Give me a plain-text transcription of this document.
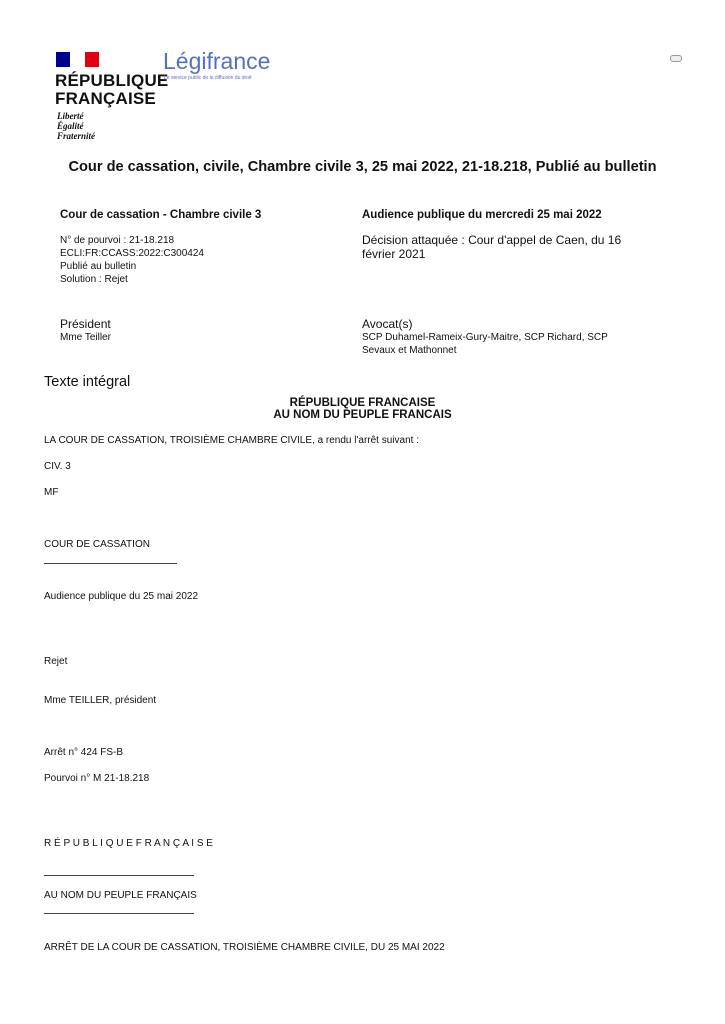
RÉPUBLIQUE
FRANÇAISE
Liberté
Égalité
Fraternité
Légifrance
Le service public de la diffusion du droit
Cour de cassation, civile, Chambre civile 3, 25 mai 2022, 21-18.218, Publié au bulletin
Cour de cassation - Chambre civile 3
N° de pourvoi : 21-18.218
ECLI:FR:CCASS:2022:C300424
Publié au bulletin
Solution : Rejet
Président
Mme Teiller
Audience publique du mercredi 25 mai 2022
Décision attaquée : Cour d'appel de Caen, du 16
février 2021
Avocat(s)
SCP Duhamel-Rameix-Gury-Maitre, SCP Richard, SCP
Sevaux et Mathonnet
Texte intégral
RÉPUBLIQUE FRANCAISE
AU NOM DU PEUPLE FRANCAIS
LA COUR DE CASSATION, TROISIÈME CHAMBRE CIVILE, a rendu l'arrêt suivant :
CIV. 3
MF
COUR DE CASSATION
Audience publique du 25 mai 2022
Rejet
Mme TEILLER, président
Arrêt n° 424 FS-B
Pourvoi n° M 21-18.218
R É P U B L I Q U E F R A N Ç A I S E
AU NOM DU PEUPLE FRANÇAIS
ARRÊT DE LA COUR DE CASSATION, TROISIÈME CHAMBRE CIVILE, DU 25 MAI 2022
